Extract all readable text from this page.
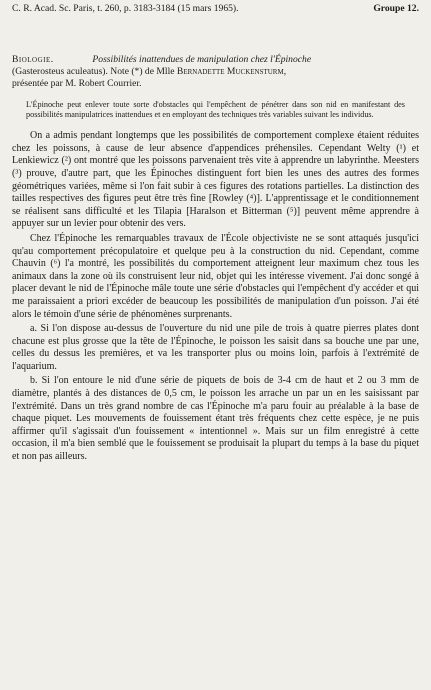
C. R. Acad. Sc. Paris, t. 260, p. 3183-3184 (15 mars 1965).	Groupe 12.
Biologie.	Possibilités inattendues de manipulation chez l'Épinoche
(Gasterosteus aculeatus). Note (*) de Mlle Bernadette Muckensturm,
présentée par M. Robert Courrier.
L'Épinoche peut enlever toute sorte d'obstacles qui l'empêchent de pénétrer dans son nid en manifestant des possibilités manipulatrices inattendues et en employant des techniques très variables suivant les individus.

On a admis pendant longtemps que les possibilités de comportement complexe étaient réduites chez les poissons, à cause de leur absence d'appendices préhensiles. Cependant Welty (¹) et Lenkiewicz (²) ont montré que les poissons parvenaient très vite à apprendre un labyrinthe. Meesters (³) prouve, d'autre part, que les Épinoches distinguent fort bien les unes des autres des formes géométriques variées, même si l'on fait subir à ces figures des rotations partielles. La distinction des tailles respectives des figures peut être très fine [Rowley (⁴)]. L'apprentissage et le conditionnement se réalisent sans difficulté et les Tilapia [Haralson et Bitterman (⁵)] peuvent même apprendre à appuyer sur un levier pour obtenir des vers.

Chez l'Épinoche les remarquables travaux de l'École objectiviste ne se sont attaqués jusqu'ici qu'au comportement précopulatoire et quelque peu à la construction du nid. Cependant, comme Chauvin (⁶) l'a montré, les possibilités du comportement atteignent leur maximum chez tous les animaux dans la zone où ils construisent leur nid, objet qui les intéresse vivement. J'ai donc songé à placer devant le nid de l'Épinoche mâle toute une série d'obstacles qui l'empêchent d'y accéder et qui me paraissaient a priori excéder de beaucoup les possibilités de manipulation d'un poisson. J'ai été alors le témoin d'une série de phénomènes surprenants.

a. Si l'on dispose au-dessus de l'ouverture du nid une pile de trois à quatre pierres plates dont chacune est plus grosse que la tête de l'Épinoche, le poisson les saisit dans sa bouche une par une, celles du dessus les premières, et va les transporter plus ou moins loin, parfois à l'extrémité de l'aquarium.

b. Si l'on entoure le nid d'une série de piquets de bois de 3-4 cm de haut et 2 ou 3 mm de diamètre, plantés à des distances de 0,5 cm, le poisson les arrache un par un en les saisissant par l'extrémité. Dans un très grand nombre de cas l'Épinoche m'a paru fouir au préalable à la base de chaque piquet. Les mouvements de fouissement étant très fréquents chez cette espèce, je ne puis affirmer qu'il s'agissait d'un fouissement « intentionnel ». Mais sur un film enregistré à cette occasion, il m'a bien semblé que le fouissement se produisait la plupart du temps à la base du piquet et non pas ailleurs.
